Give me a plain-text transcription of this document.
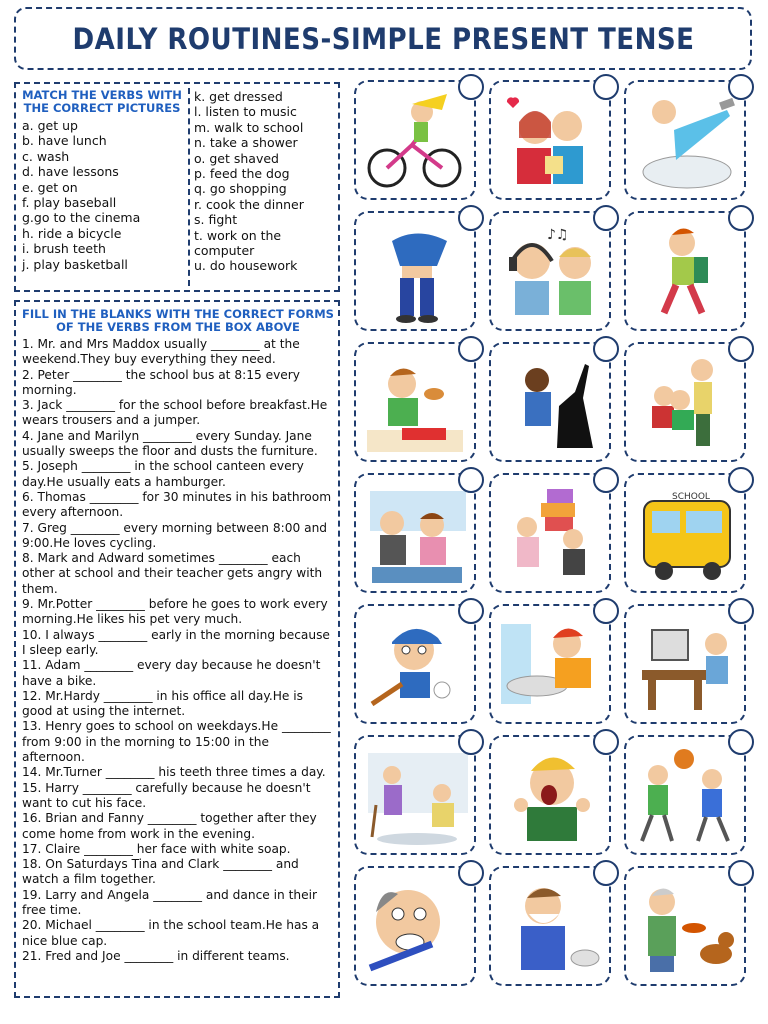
DAILY ROUTINES-SIMPLE PRESENT TENSE
MATCH THE VERBS WITH THE CORRECT PICTURES
a. get up
b. have lunch
c. wash
d. have lessons
e. get on
f. play baseball
g.go to the cinema
h. ride a bicycle
i. brush teeth
j. play basketball
k. get dressed
l. listen to music
m. walk to school
n. take a shower
o. get shaved
p. feed the dog
q. go shopping
r. cook the dinner
s. fight
t. work on the computer
u. do housework
FILL IN THE BLANKS WITH THE CORRECT FORMS OF THE VERBS FROM THE BOX ABOVE
1. Mr. and Mrs Maddox usually ________ at the weekend.They buy everything they need.
2. Peter ________ the school bus at 8:15 every morning.
3. Jack ________ for the school before breakfast.He wears trousers and a jumper.
4. Jane and Marilyn ________ every Sunday. Jane usually sweeps the floor and dusts the furniture.
5. Joseph ________ in the school canteen every day.He usually eats a hamburger.
6. Thomas ________ for 30 minutes in his bathroom every afternoon.
7. Greg ________ every morning between 8:00 and 9:00.He loves cycling.
8. Mark and Adward sometimes ________ each other at school and their teacher gets angry with them.
9. Mr.Potter ________ before he goes to work every morning.He likes his pet very much.
10. I always ________ early in the morning because I sleep early.
11. Adam ________ every day because he doesn't have a bike.
12. Mr.Hardy ________ in his office all day.He is good at using the internet.
13. Henry goes to school on weekdays.He ________ from 9:00 in the morning to 15:00 in the afternoon.
14. Mr.Turner ________ his teeth three times a day.
15. Harry ________ carefully because he doesn't want to cut his face.
16. Brian and Fanny ________ together after they come home from work in the evening.
17. Claire ________ her face with white soap.
18. On Saturdays Tina and Clark ________ and watch a film together.
19. Larry and Angela ________ and dance in their free time.
20. Michael ________ in the school team.He has a nice blue cap.
21. Fred and Joe ________ in different teams.
♪♫
SCHOOL
